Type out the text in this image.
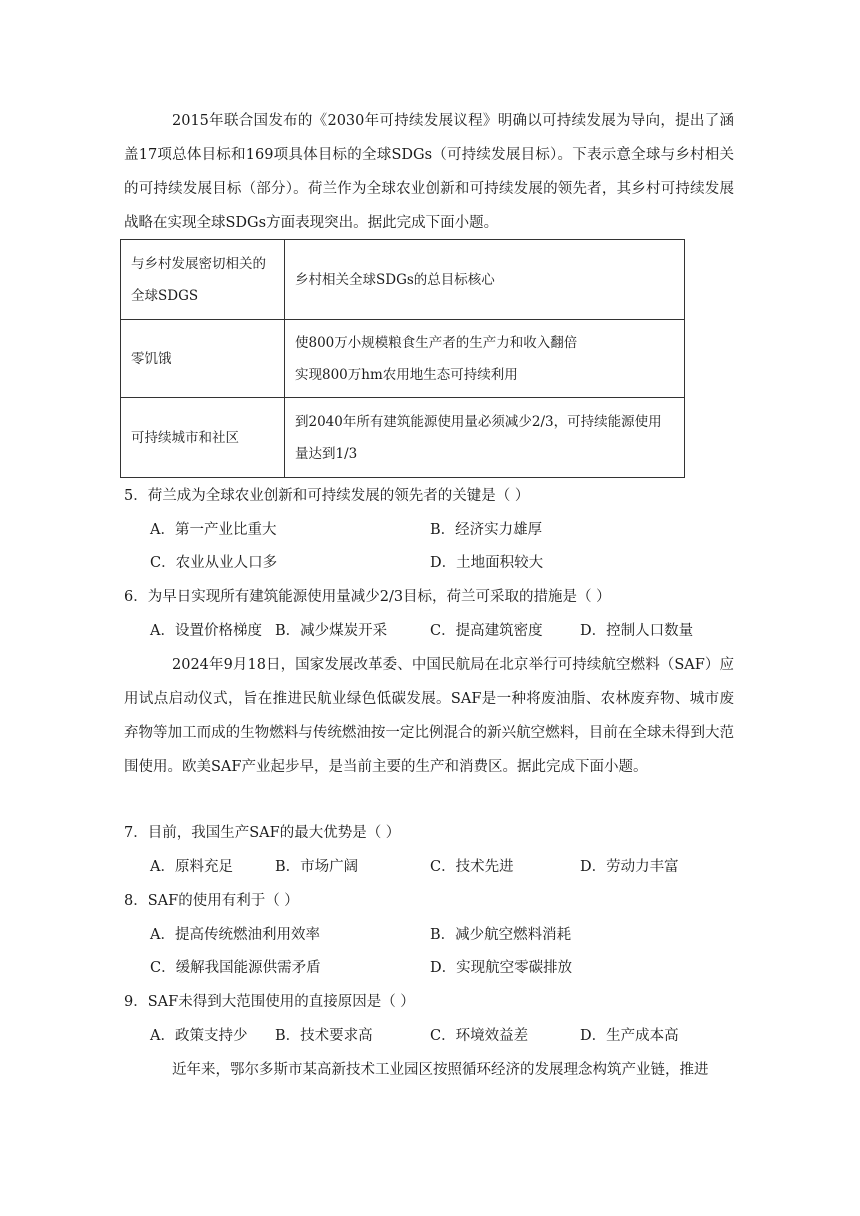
2015年联合国发布的《2030年可持续发展议程》明确以可持续发展为导向，提出了涵盖17项总体目标和169项具体目标的全球SDGs（可持续发展目标）。下表示意全球与乡村相关的可持续发展目标（部分）。荷兰作为全球农业创新和可持续发展的领先者，其乡村可持续发展战略在实现全球SDGs方面表现突出。据此完成下面小题。

与乡村发展密切相关的全球SDGS	乡村相关全球SDGs的总目标核心
零饥饿	使800万小规模粮食生产者的生产力和收入翻倍
实现800万hm农用地生态可持续利用

可持续城市和社区	到2040年所有建筑能源使用量必须减少2/3，可持续能源使用量达到1/3

5．荷兰成为全球农业创新和可持续发展的领先者的关键是（ ）

A．第一产业比重大	B．经济实力雄厚
C．农业从业人口多	D．土地面积较大

6．为早日实现所有建筑能源使用量减少2/3目标，荷兰可采取的措施是（ ）

A．设置价格梯度 B．减少煤炭开采	C．提高建筑密度	D．控制人口数量

2024年9月18日，国家发展改革委、中国民航局在北京举行可持续航空燃料（SAF）应用试点启动仪式，旨在推进民航业绿色低碳发展。SAF是一种将废油脂、农林废弃物、城市废弃物等加工而成的生物燃料与传统燃油按一定比例混合的新兴航空燃料，目前在全球未得到大范围使用。欧美SAF产业起步早，是当前主要的生产和消费区。据此完成下面小题。

7．目前，我国生产SAF的最大优势是（ ）

A．原料充足	B．市场广阔	C．技术先进	D．劳动力丰富

8．SAF的使用有利于（ ）

A．提高传统燃油利用效率	B．减少航空燃料消耗
C．缓解我国能源供需矛盾	D．实现航空零碳排放

9．SAF未得到大范围使用的直接原因是（ ）

A．政策支持少 B．技术要求高	C．环境效益差	D．生产成本高

近年来，鄂尔多斯市某高新技术工业园区按照循环经济的发展理念构筑产业链，推进
